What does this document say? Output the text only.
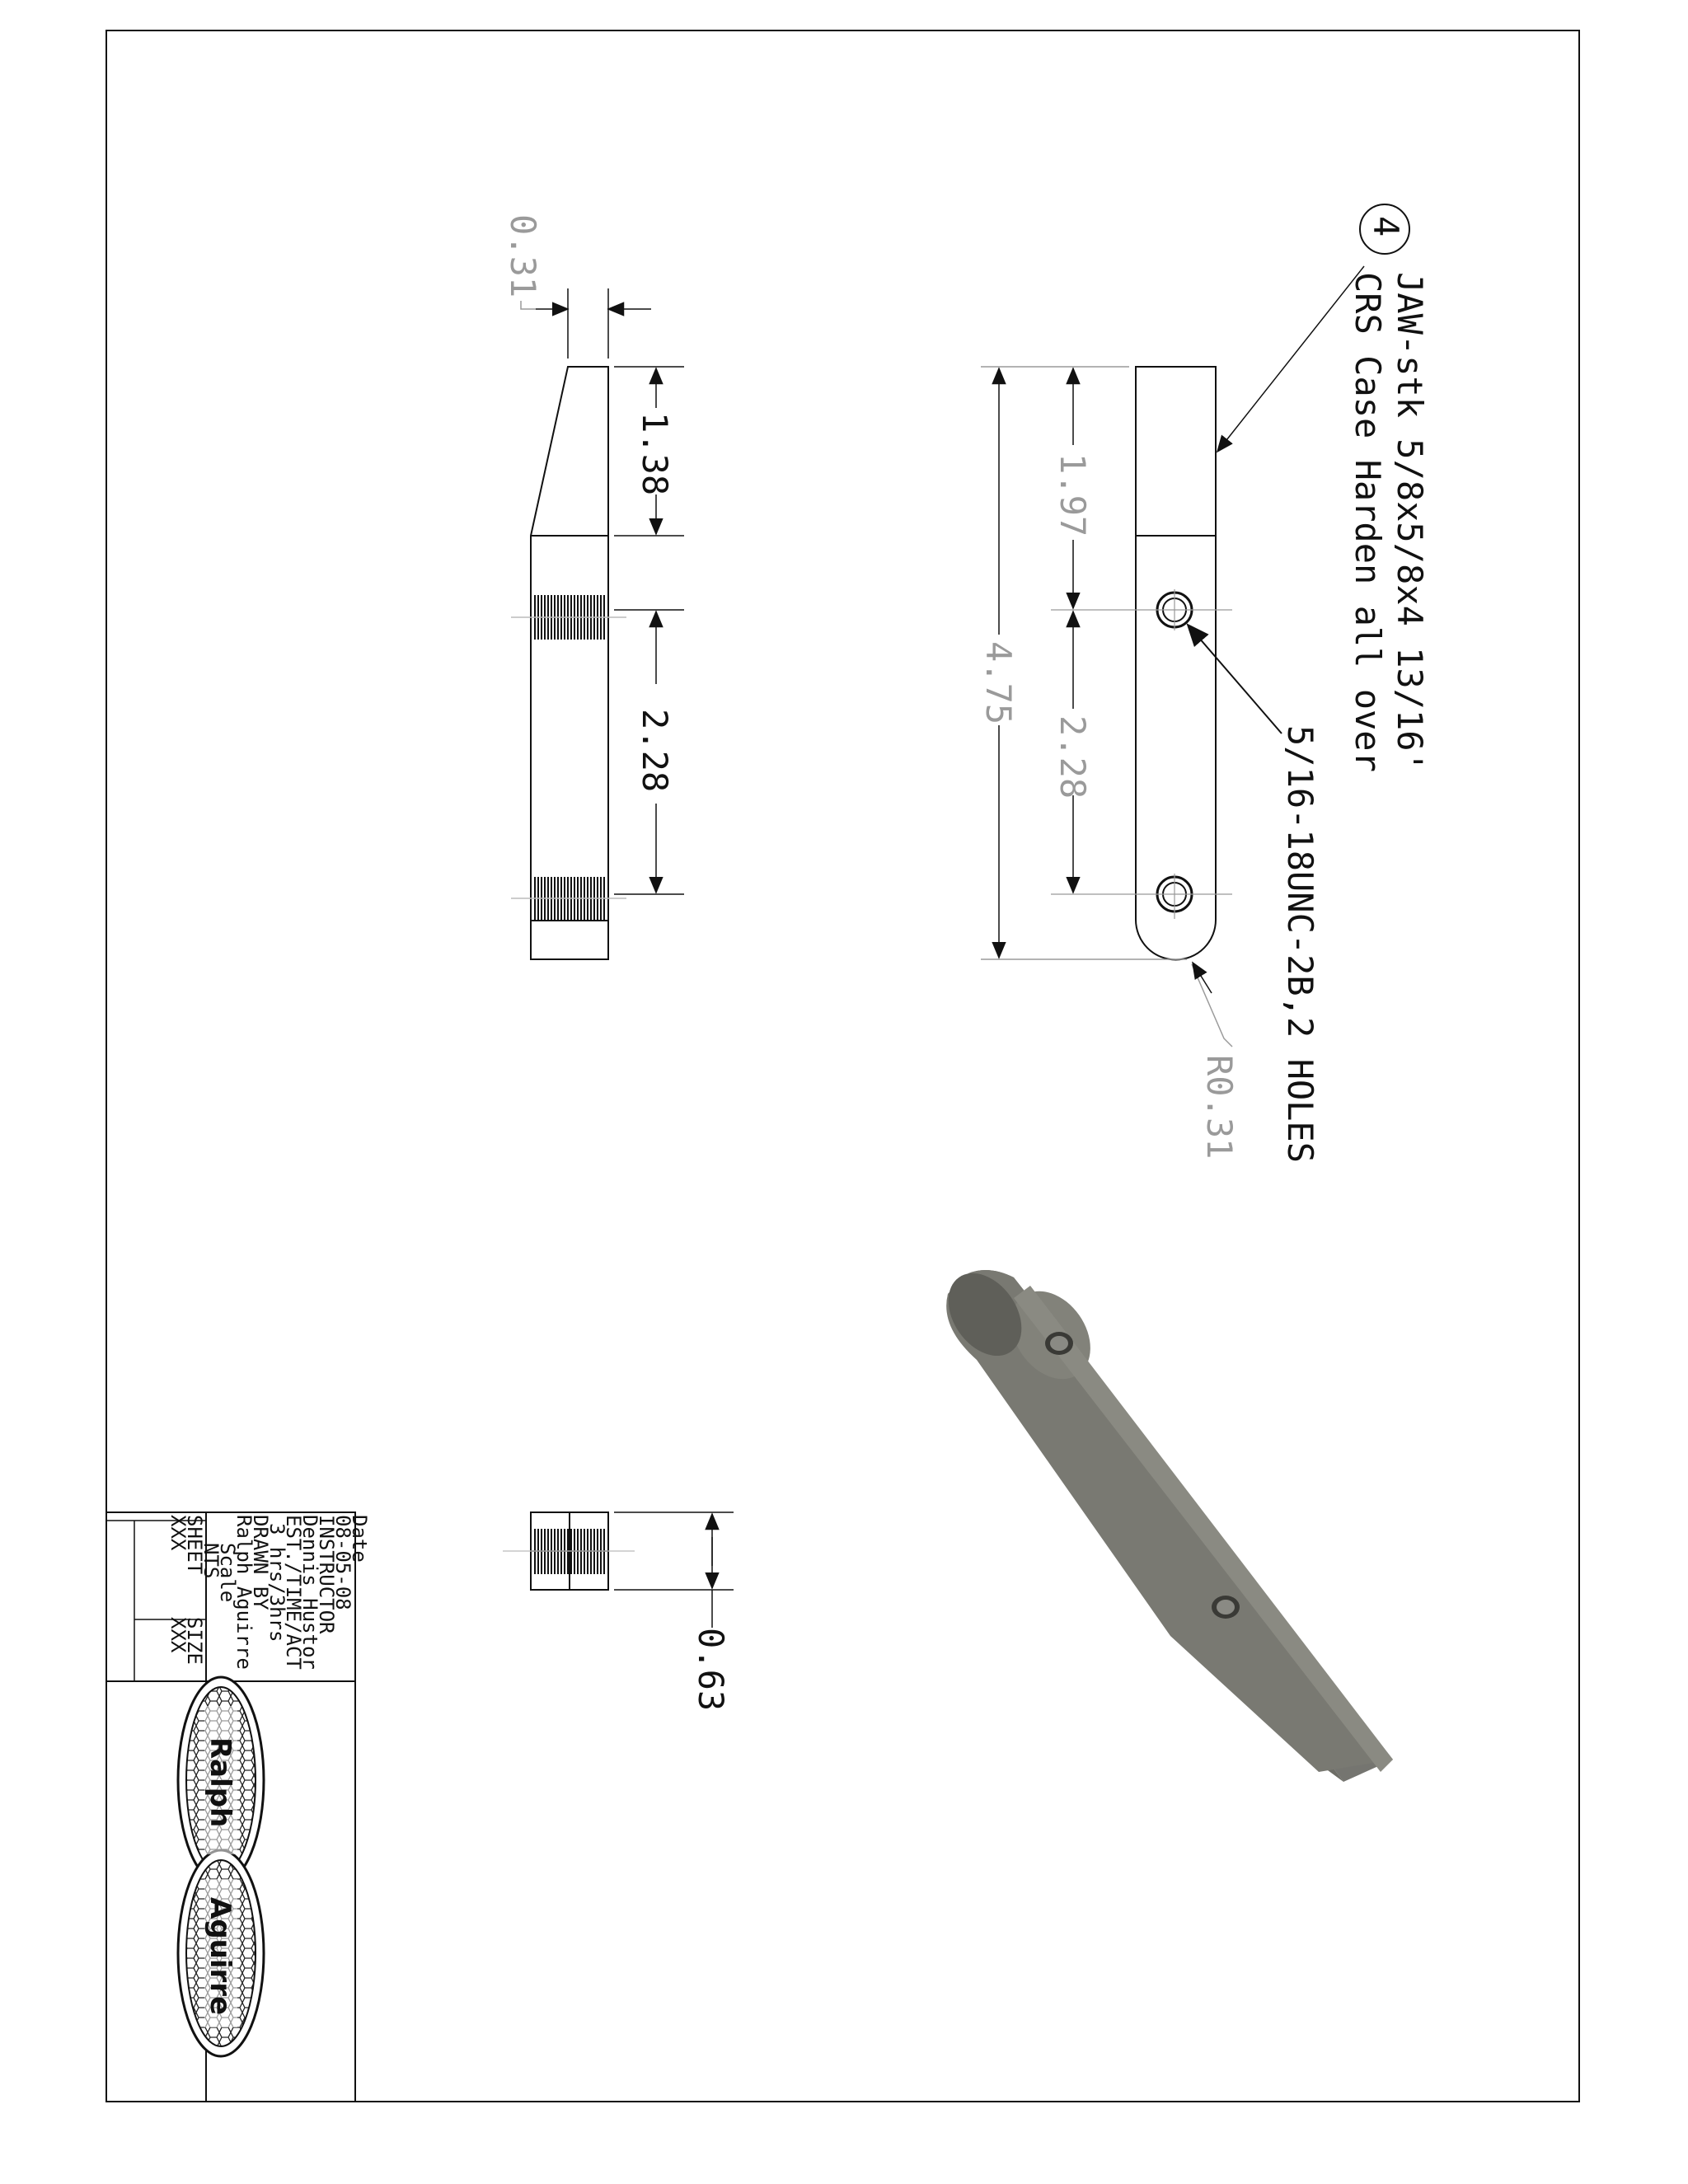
0.31
1.38
2.28
4.75
1.97
2.28
4
JAW-stk 5/8x5/8x4 13/16'
CRS Case Harden all over
5/16-18UNC-2B,2 HOLES
R0.31
0.63
Date
08-05-08
INSTRUCTOR
Dennis Hustor
EST./TIME/ACT
3 hrs/3hrs
DRAWN BY
Ralph Aguirre
Scale
NTS
SHEET
SIZE
XXX
XXX
Ralph
Aguirre
